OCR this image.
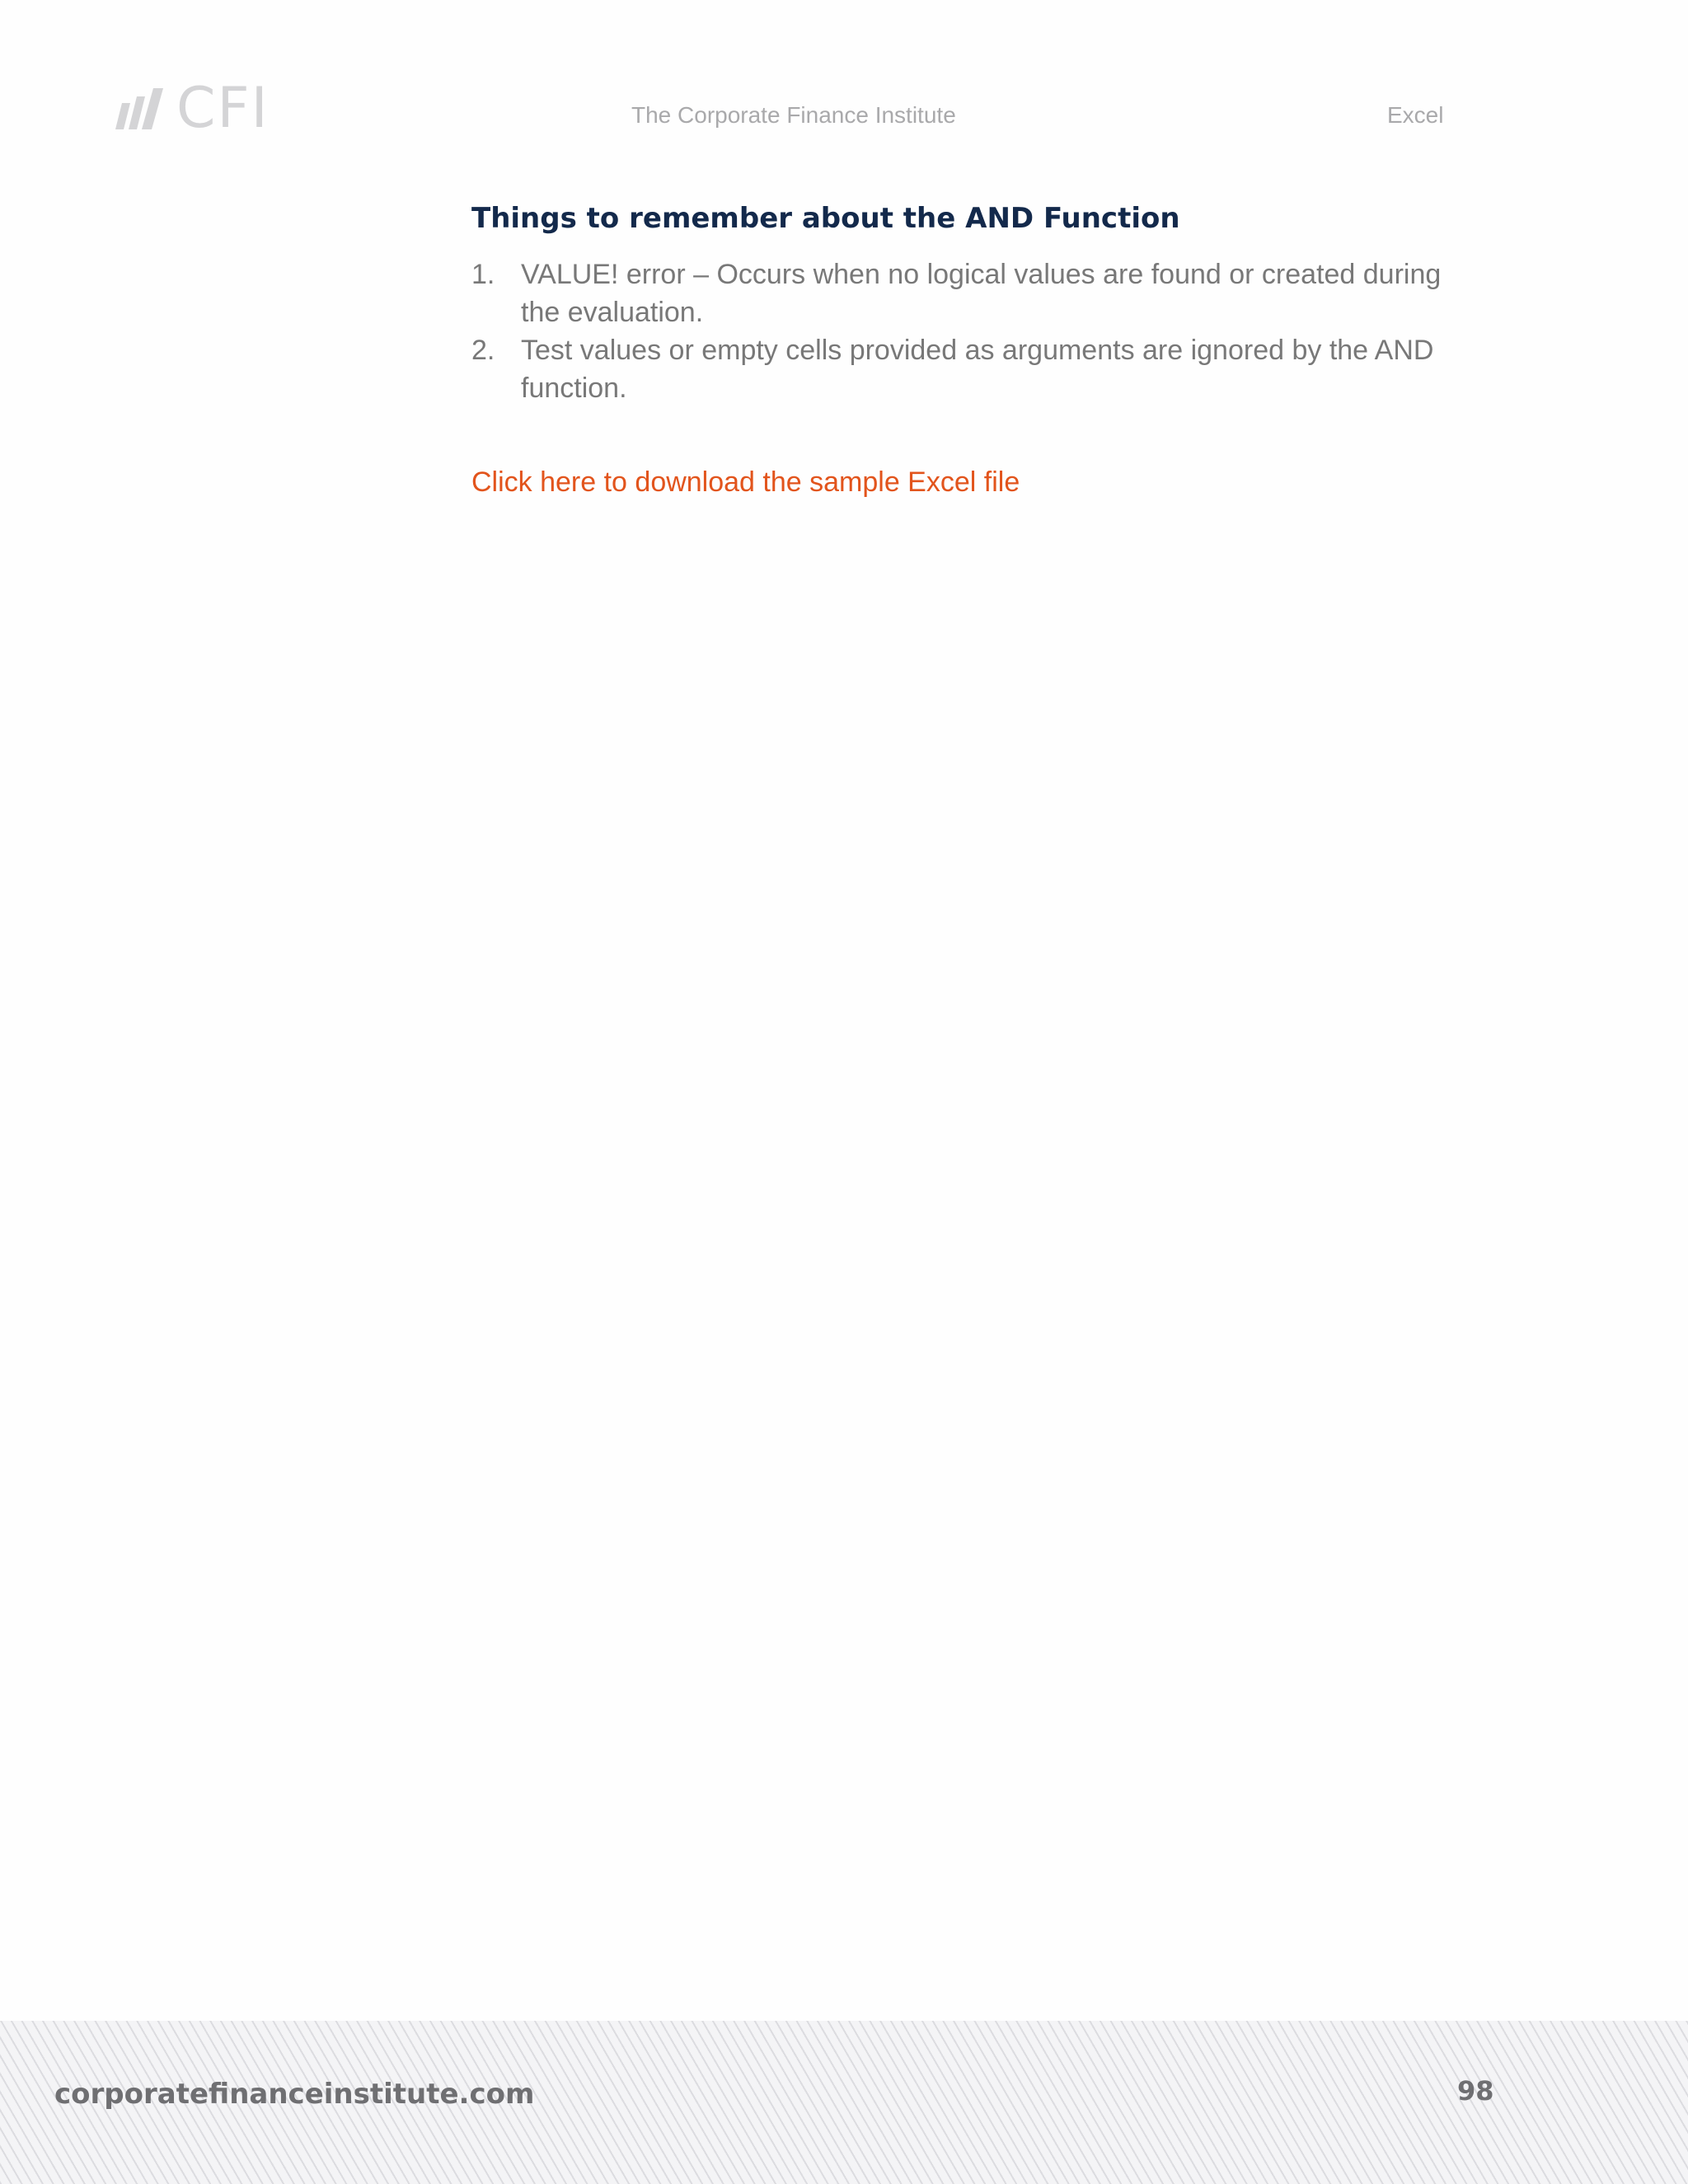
CFI	The Corporate Finance Institute	Excel
Things to remember about the AND Function
1. VALUE! error – Occurs when no logical values are found or created during the evaluation.
2. Test values or empty cells provided as arguments are ignored by the AND function.
Click here to download the sample Excel file
corporatefinanceinstitute.com	98
